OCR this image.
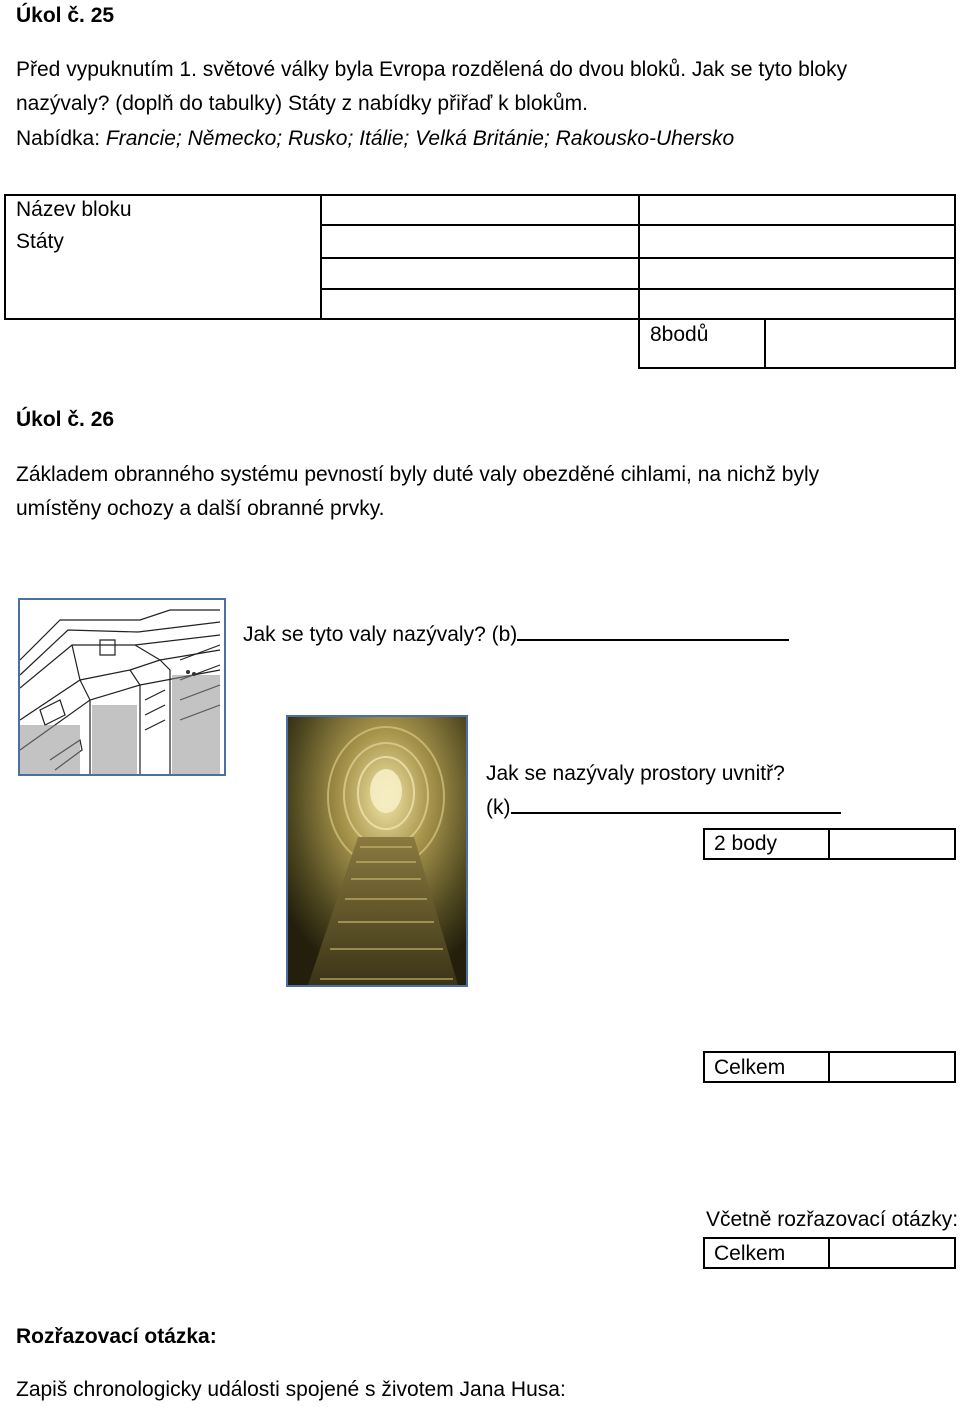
Úkol č. 25
Před vypuknutím 1. světové války byla Evropa rozdělená do dvou bloků. Jak se tyto bloky
nazývaly? (doplň do tabulky) Státy z nabídky přiřaď k blokům.
Nabídka: Francie; Německo; Rusko; Itálie; Velká Británie; Rakousko-Uhersko
Název bloku
Státy
8bodů
Úkol č. 26
Základem obranného systému pevností byly duté valy obezděné cihlami, na nichž byly
umístěny ochozy a další obranné prvky.
Jak se tyto valy nazývaly? (b)
Jak se nazývaly prostory uvnitř?
(k)
2 body
Celkem
Včetně rozřazovací otázky:
Celkem
Rozřazovací otázka:
Zapiš chronologicky události spojené s životem Jana Husa:
